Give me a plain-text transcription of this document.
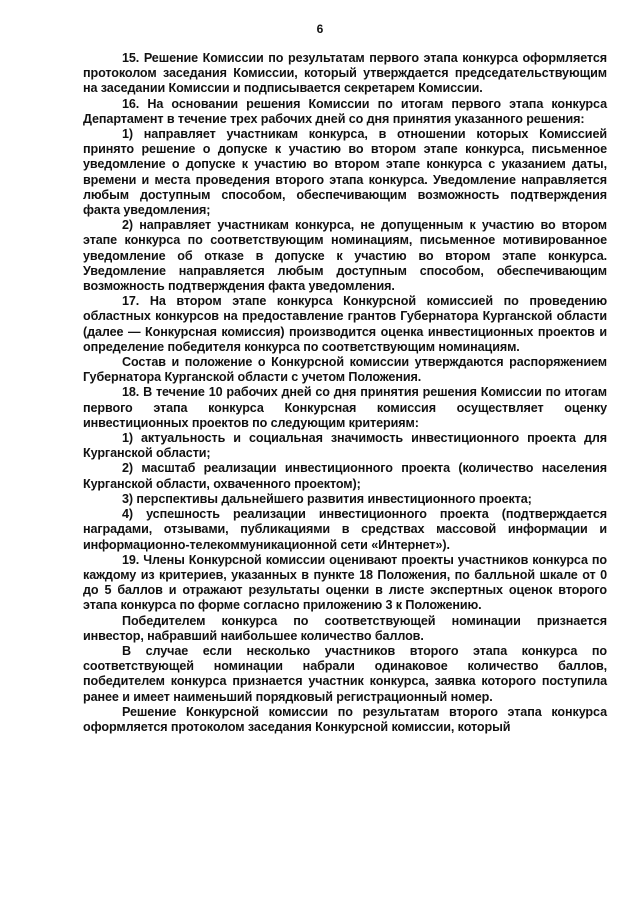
6

15. Решение Комиссии по результатам первого этапа конкурса оформляется протоколом заседания Комиссии, который утверждается председательствующим на заседании Комиссии и подписывается секретарем Комиссии.

16. На основании решения Комиссии по итогам первого этапа конкурса Департамент в течение трех рабочих дней со дня принятия указанного решения:

1) направляет участникам конкурса, в отношении которых Комиссией принято решение о допуске к участию во втором этапе конкурса, письменное уведомление о допуске к участию во втором этапе конкурса с указанием даты, времени и места проведения второго этапа конкурса. Уведомление направляется любым доступным способом, обеспечивающим возможность подтверждения факта уведомления;

2) направляет участникам конкурса, не допущенным к участию во втором этапе конкурса по соответствующим номинациям, письменное мотивированное уведомление об отказе в допуске к участию во втором этапе конкурса. Уведомление направляется любым доступным способом, обеспечивающим возможность подтверждения факта уведомления.

17. На втором этапе конкурса Конкурсной комиссией по проведению областных конкурсов на предоставление грантов Губернатора Курганской области (далее — Конкурсная комиссия) производится оценка инвестиционных проектов и определение победителя конкурса по соответствующим номинациям.

Состав и положение о Конкурсной комиссии утверждаются распоряжением Губернатора Курганской области с учетом Положения.

18. В течение 10 рабочих дней со дня принятия решения Комиссии по итогам первого этапа конкурса Конкурсная комиссия осуществляет оценку инвестиционных проектов по следующим критериям:

1) актуальность и социальная значимость инвестиционного проекта для Курганской области;

2) масштаб реализации инвестиционного проекта (количество населения Курганской области, охваченного проектом);

3) перспективы дальнейшего развития инвестиционного проекта;

4) успешность реализации инвестиционного проекта (подтверждается наградами, отзывами, публикациями в средствах массовой информации и информационно-телекоммуникационной сети «Интернет»).

19. Члены Конкурсной комиссии оценивают проекты участников конкурса по каждому из критериев, указанных в пункте 18 Положения, по балльной шкале от 0 до 5 баллов и отражают результаты оценки в листе экспертных оценок второго этапа конкурса по форме согласно приложению 3 к Положению.

Победителем конкурса по соответствующей номинации признается инвестор, набравший наибольшее количество баллов.

В случае если несколько участников второго этапа конкурса по соответствующей номинации набрали одинаковое количество баллов, победителем конкурса признается участник конкурса, заявка которого поступила ранее и имеет наименьший порядковый регистрационный номер.

Решение Конкурсной комиссии по результатам второго этапа конкурса оформляется протоколом заседания Конкурсной комиссии, который
